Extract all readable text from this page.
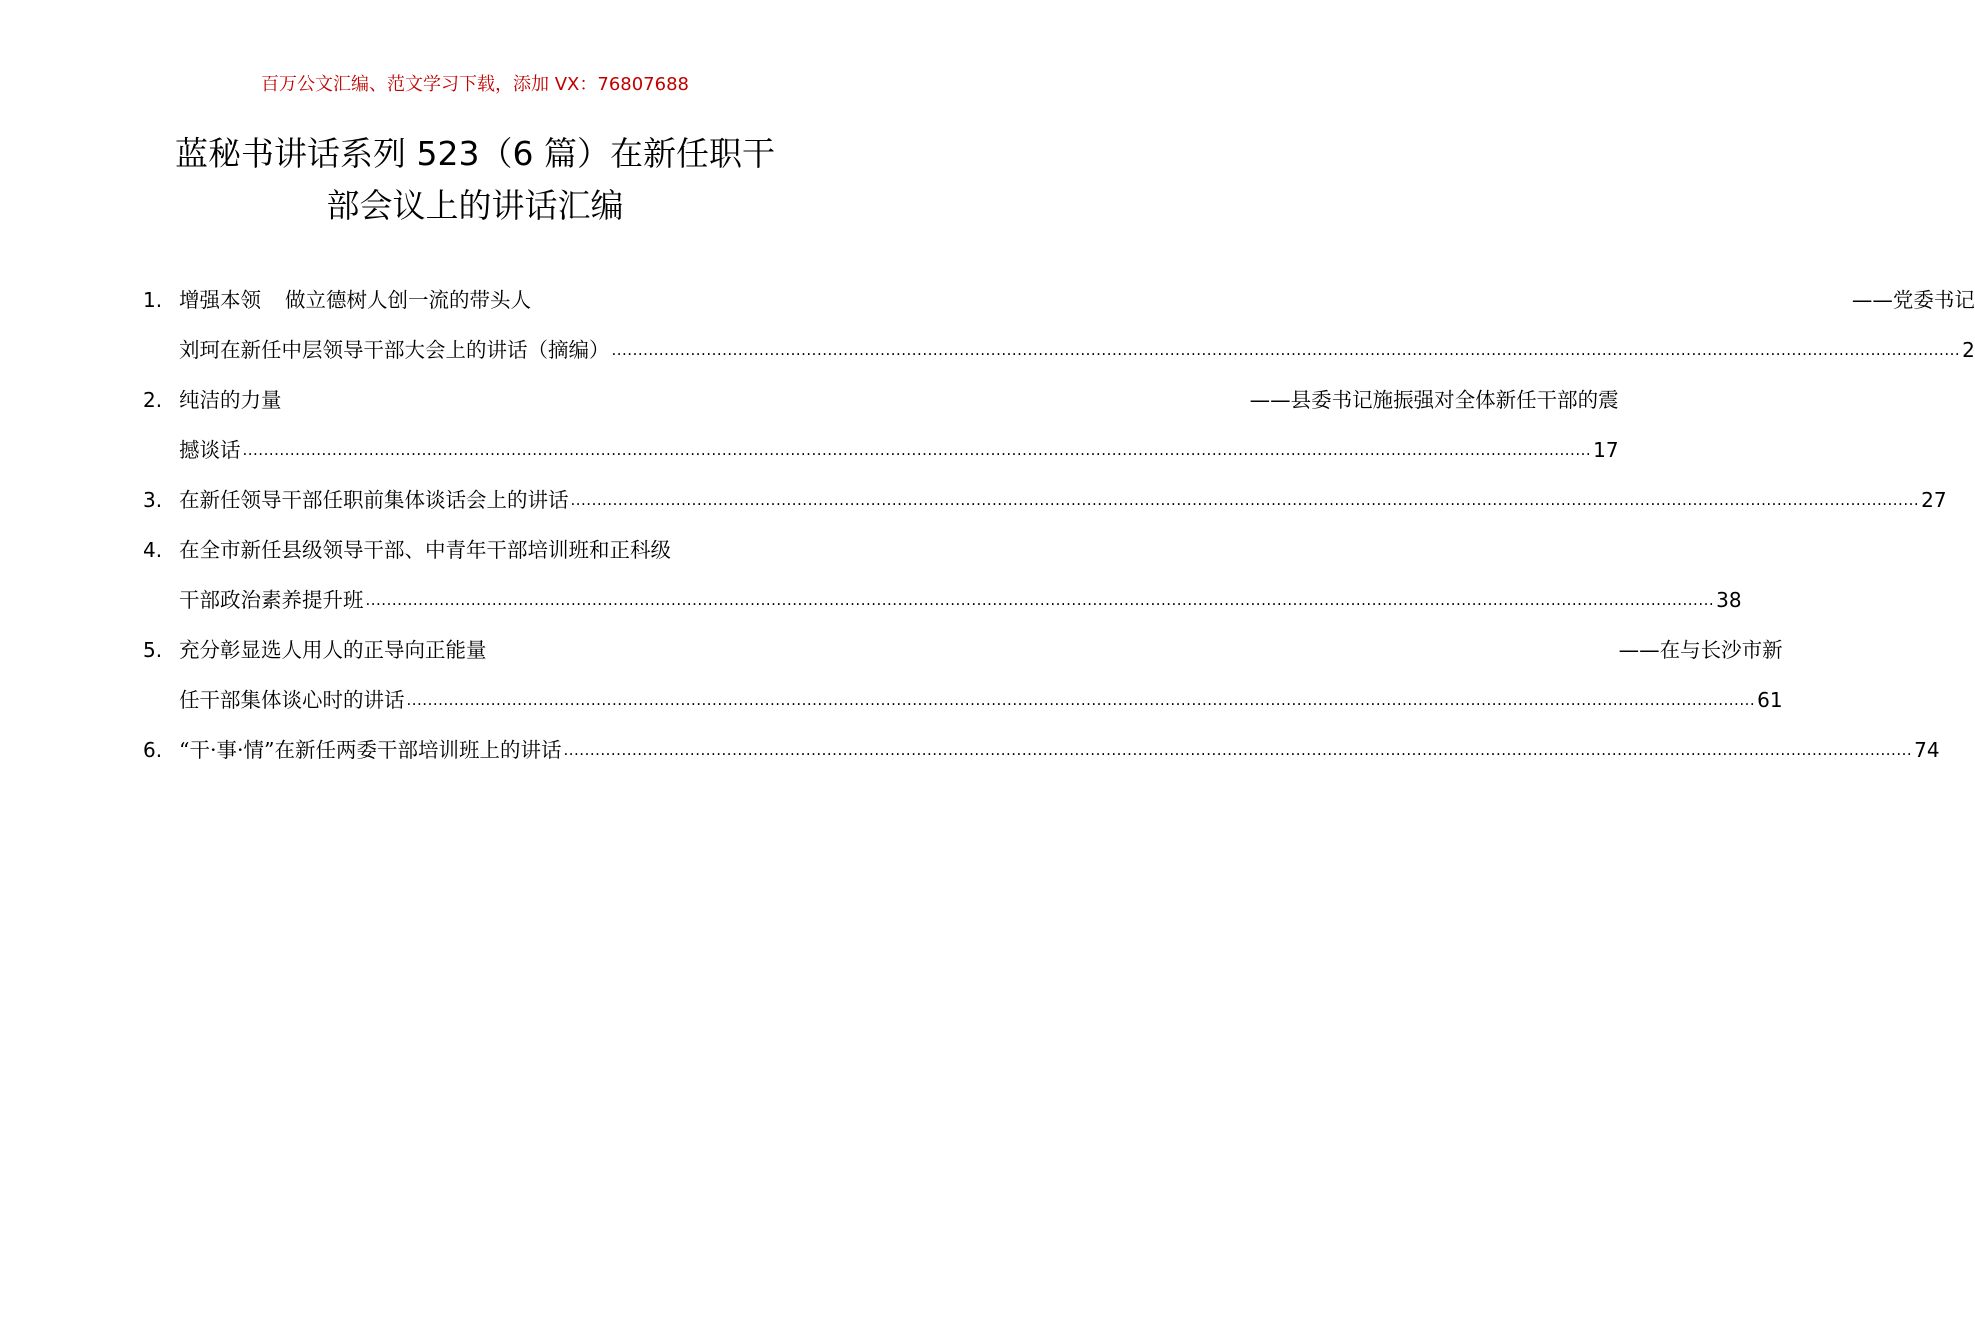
百万公文汇编、范文学习下载，添加 VX：76807688
蓝秘书讲话系列 523（6 篇）在新任职干
部会议上的讲话汇编
1. 增强本领 做立德树人创一流的带头人	——党委书记
刘珂在新任中层领导干部大会上的讲话（摘编） .....	2
2. 纯洁的力量	——县委书记施振强对全体新任干部的震
撼谈话 .....	17
3. 在新任领导干部任职前集体谈话会上的讲话 .....	27
4. 在全市新任县级领导干部、中青年干部培训班和正科级
干部政治素养提升班 .....	38
5. 充分彰显选人用人的正导向正能量	——在与长沙市新
任干部集体谈心时的讲话 .....	61
6. “干·事·情”在新任两委干部培训班上的讲话 .....	74
